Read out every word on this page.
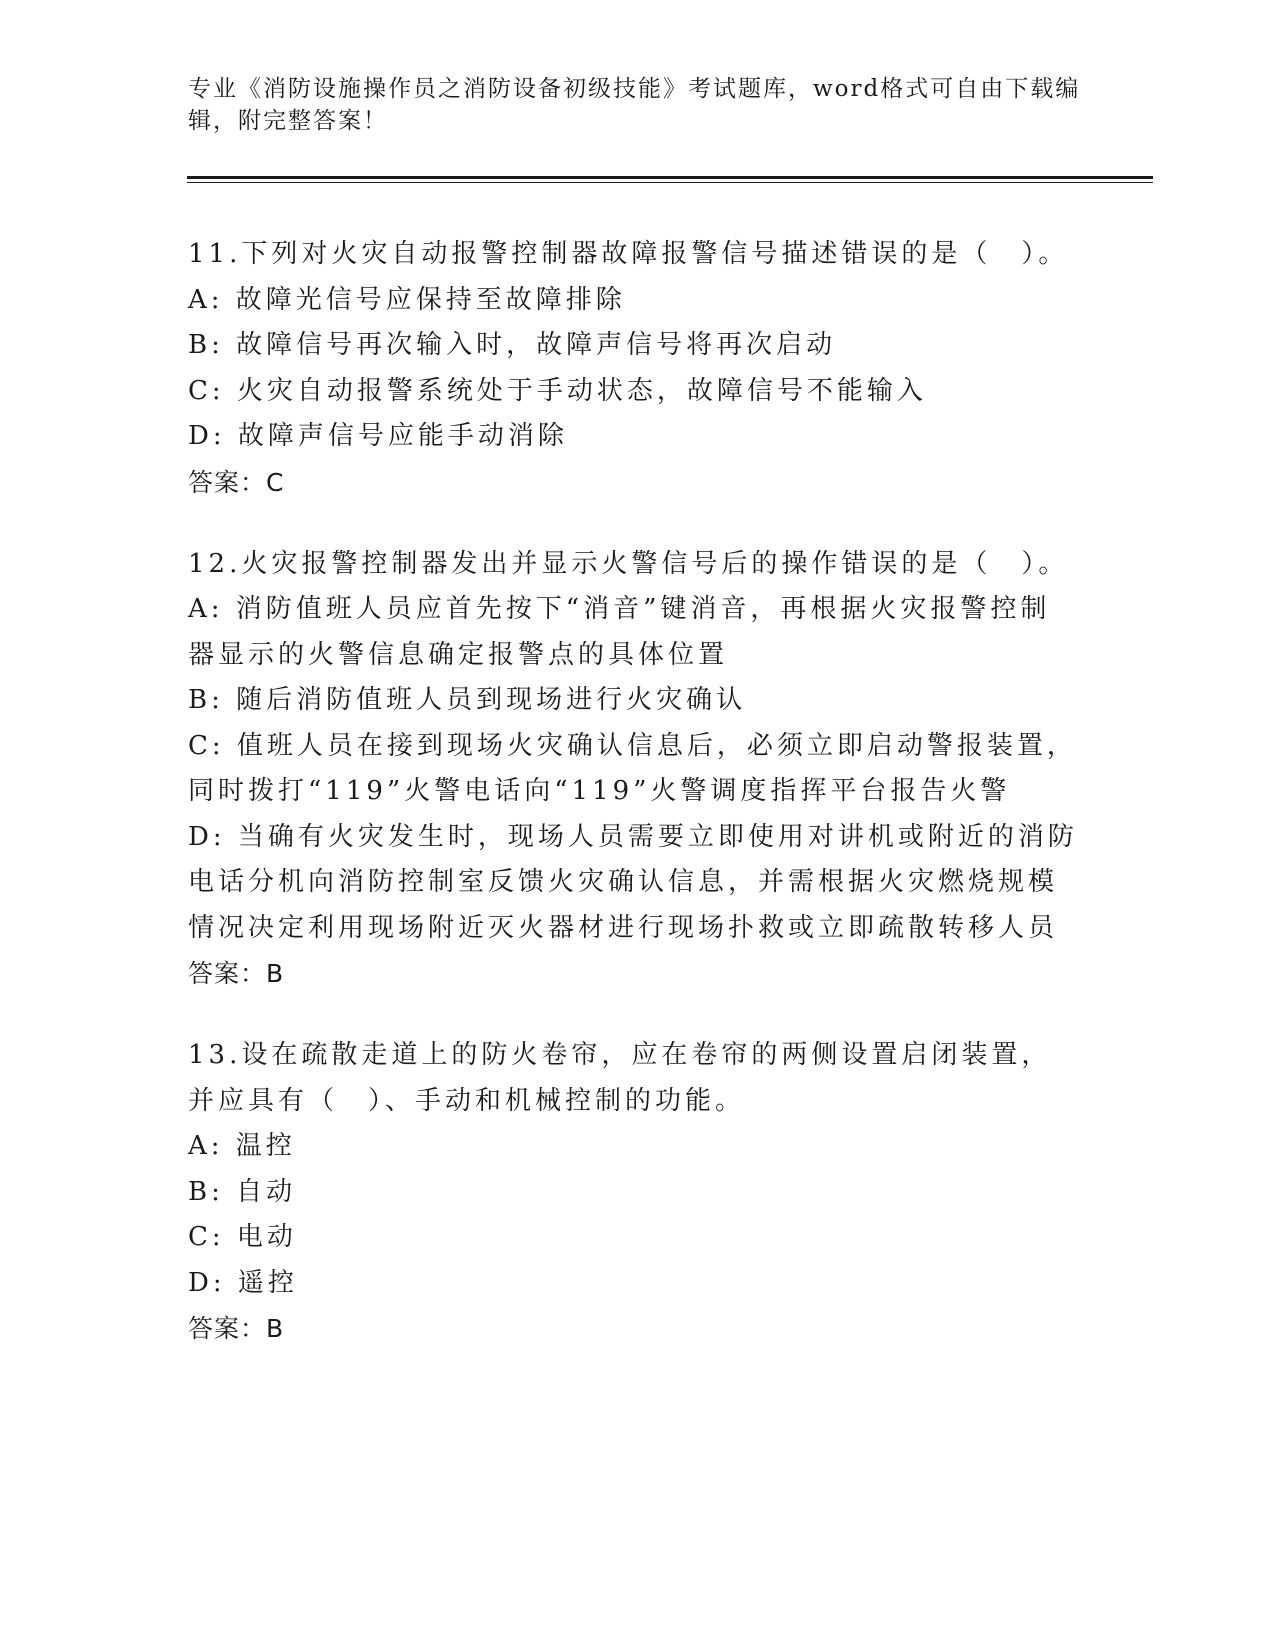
专业《消防设施操作员之消防设备初级技能》考试题库，word格式可自由下载编辑，附完整答案！
11.下列对火灾自动报警控制器故障报警信号描述错误的是（　）。
A: 故障光信号应保持至故障排除
B: 故障信号再次输入时，故障声信号将再次启动
C: 火灾自动报警系统处于手动状态，故障信号不能输入
D: 故障声信号应能手动消除
答案：C
12.火灾报警控制器发出并显示火警信号后的操作错误的是（　）。
A: 消防值班人员应首先按下“消音”键消音，再根据火灾报警控制器显示的火警信息确定报警点的具体位置
B: 随后消防值班人员到现场进行火灾确认
C: 值班人员在接到现场火灾确认信息后，必须立即启动警报装置，同时拨打“119”火警电话向“119”火警调度指挥平台报告火警
D: 当确有火灾发生时，现场人员需要立即使用对讲机或附近的消防电话分机向消防控制室反馈火灾确认信息，并需根据火灾燃烧规模情况决定利用现场附近灭火器材进行现场扑救或立即疏散转移人员
答案：B
13.设在疏散走道上的防火卷帘，应在卷帘的两侧设置启闭装置，并应具有（　）、手动和机械控制的功能。
A: 温控
B: 自动
C: 电动
D: 遥控
答案：B
